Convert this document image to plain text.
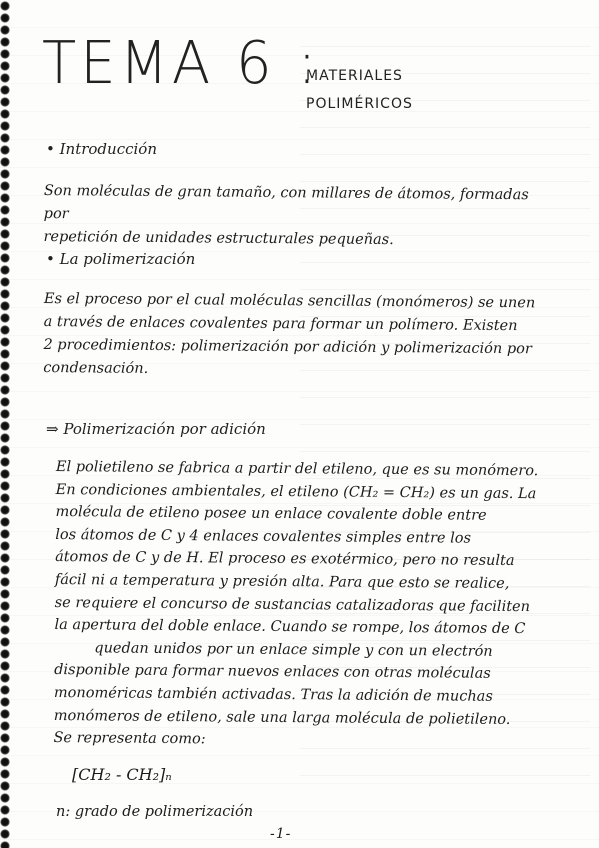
TEMA 6 :
MATERIALES
POLIMÉRICOS
• Introducción

Son moléculas de gran tamaño, con millares de átomos, formadas por

repetición de unidades estructurales pequeñas.

• La polimerización

Es el proceso por el cual moléculas sencillas (monómeros) se unen

a través de enlaces covalentes para formar un polímero. Existen

2 procedimientos: polimerización por adición y polimerización por

condensación.

⇒ Polimerización por adición

El polietileno se fabrica a partir del etileno, que es su monómero.

En condiciones ambientales, el etileno (CH₂ = CH₂) es un gas. La

molécula de etileno posee un enlace covalente doble entre

los átomos de C y 4 enlaces covalentes simples entre los

átomos de C y de H. El proceso es exotérmico, pero no resulta

fácil ni a temperatura y presión alta. Para que esto se realice,

se requiere el concurso de sustancias catalizadoras que faciliten

la apertura del doble enlace. Cuando se rompe, los átomos de C

quedan unidos por un enlace simple y con un electrón

disponible para formar nuevos enlaces con otras moléculas

monoméricas también activadas. Tras la adición de muchas

monómeros de etileno, sale una larga molécula de polietileno.

Se representa como:

[CH₂ - CH₂]ₙ
n: grado de polimerización
-1-
